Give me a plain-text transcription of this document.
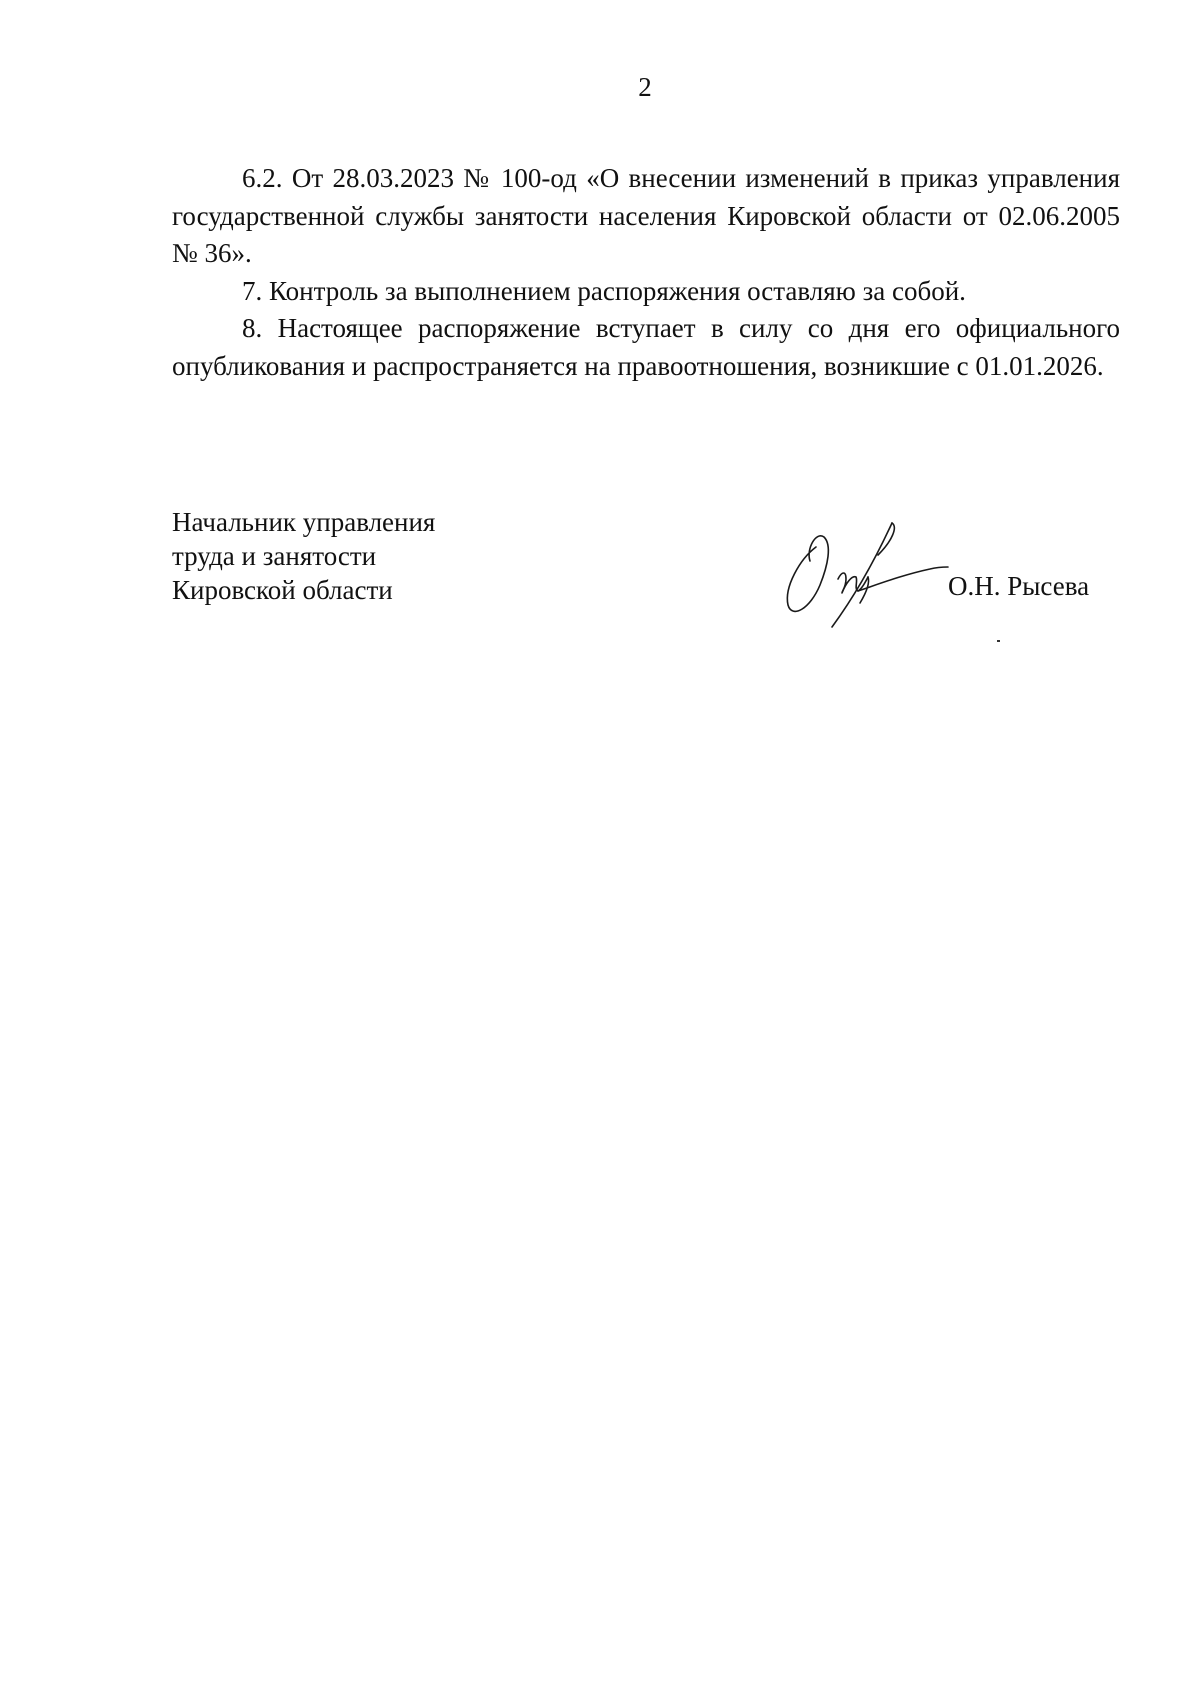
2

6.2. От 28.03.2023 № 100-од «О внесении изменений в приказ управления государственной службы занятости населения Кировской области от 02.06.2005 № 36».

7. Контроль за выполнением распоряжения оставляю за собой.

8. Настоящее распоряжение вступает в силу со дня его официального опубликования и распространяется на правоотношения, возникшие с 01.01.2026.

Начальник управления
труда и занятости
Кировской области	О.Н. Рысева
